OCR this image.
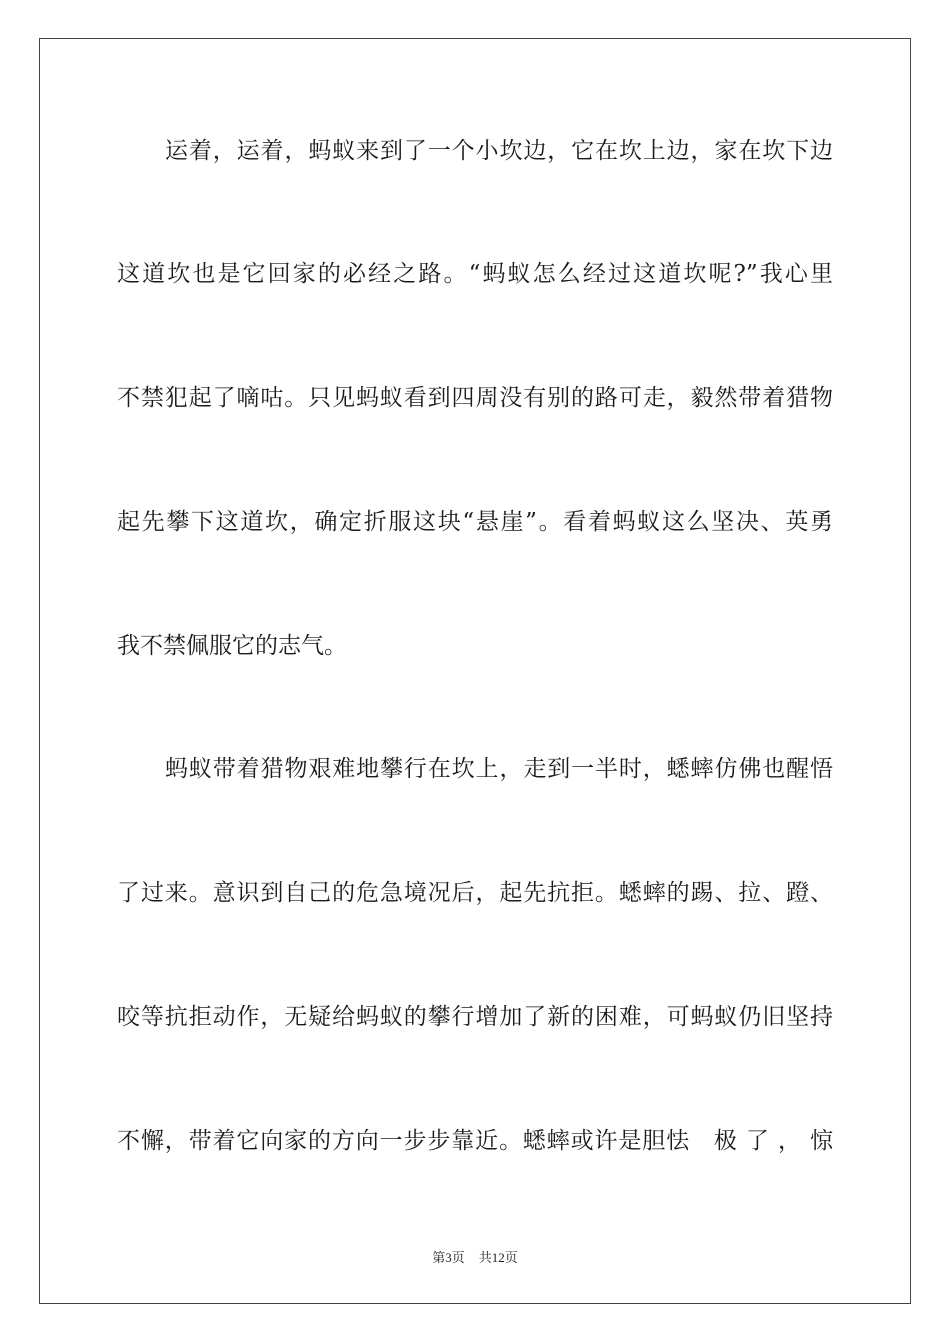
运着，运着，蚂蚁来到了一个小坎边，它在坎上边，家在坎下边
这道坎也是它回家的必经之路。“蚂蚁怎么经过这道坎呢?”我心里
不禁犯起了嘀咕。只见蚂蚁看到四周没有别的路可走，毅然带着猎物
起先攀下这道坎，确定折服这块“悬崖”。看着蚂蚁这么坚决、英勇
我不禁佩服它的志气。
蚂蚁带着猎物艰难地攀行在坎上，走到一半时，蟋蟀仿佛也醒悟
了过来。意识到自己的危急境况后，起先抗拒。蟋蟀的踢、拉、蹬、
咬等抗拒动作，无疑给蚂蚁的攀行增加了新的困难，可蚂蚁仍旧坚持
不懈，带着它向家的方向一步步靠近。蟋蟀或许是胆怯　极 了 ， 惊
第3页 共12页
